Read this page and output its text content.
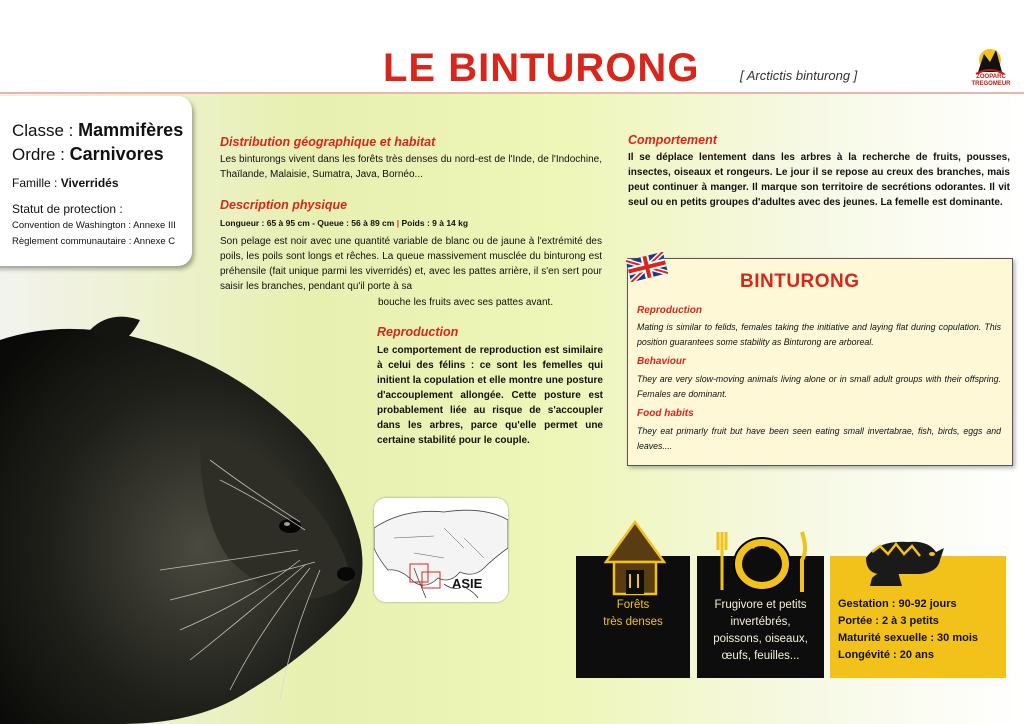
LE BINTURONG	[ Arctictis binturong ]	ZOOPARC
TREGOMEUR
Classe : Mammifères
Ordre : Carnivores
Famille : Viverridés
Statut de protection :
Convention de Washington : Annexe III
Règlement communautaire : Annexe C
Distribution géographique et habitat
Les binturongs vivent dans les forêts très denses du nord-est de l'Inde, de l'Indochine, Thaïlande, Malaisie, Sumatra, Java, Bornéo...
Description physique
Longueur : 65 à 95 cm - Queue : 56 à 89 cm | Poids : 9 à 14 kg
Son pelage est noir avec une quantité variable de blanc ou de jaune à l'extrémité des poils, les poils sont longs et rêches. La queue massivement musclée du binturong est préhensile (fait unique parmi les viverridés) et, avec les pattes arrière, il s'en sert pour saisir les branches, pendant qu'il porte à sa
bouche les fruits avec ses pattes avant.
Reproduction
Le comportement de reproduction est similaire à celui des félins : ce sont les femelles qui initient la copulation et elle montre une posture d'accouplement allongée. Cette posture est probablement liée au risque de s'accoupler dans les arbres, parce qu'elle permet une certaine stabilité pour le couple.
Comportement
Il se déplace lentement dans les arbres à la recherche de fruits, pousses, insectes, oiseaux et rongeurs. Le jour il se repose au creux des branches, mais peut continuer à manger. Il marque son territoire de secrétions odorantes. Il vit seul ou en petits groupes d'adultes avec des jeunes. La femelle est dominante.
ASIE
BINTURONG
Reproduction
Mating is similar to felids, females taking the initiative and laying flat during copulation. This position guarantees some stability as Binturong are arboreal.
Behaviour
They are very slow-moving animals living alone or in small adult groups with their offspring. Females are dominant.
Food habits
They eat primarly fruit but have been seen eating small invertabrae, fish, birds, eggs and leaves....
Forêts
très denses
Frugivore et petits
invertébrés,
poissons, oiseaux,
œufs, feuilles...
Gestation : 90-92 jours
Portée : 2 à 3 petits
Maturité sexuelle : 30 mois
Longévité : 20 ans
